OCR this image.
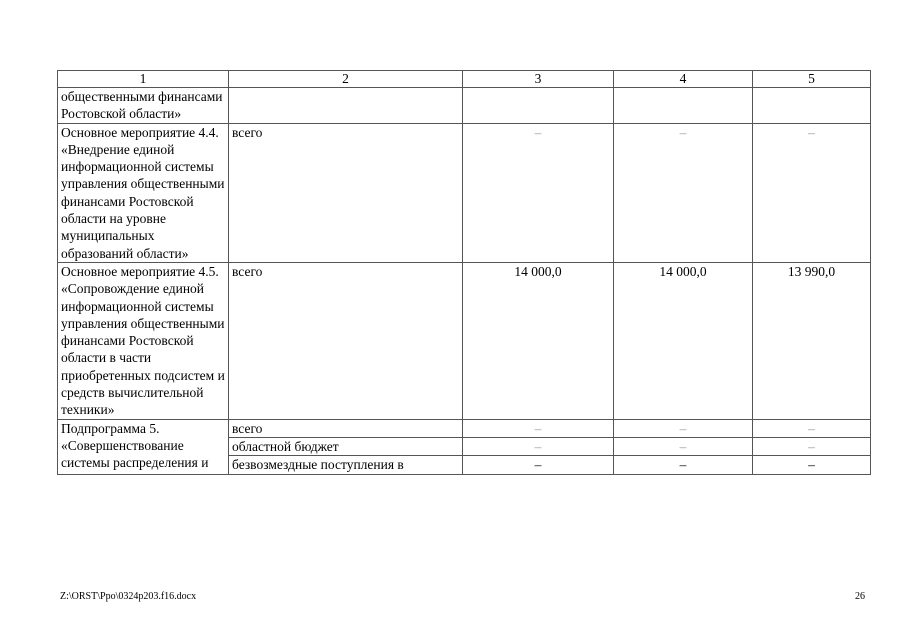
1	2	3	4	5
общественными финансами Ростовской области»				
Основное мероприятие 4.4. «Внедрение единой информационной системы управления общественными финансами Ростовской области на уровне муниципальных образований области»	всего	–	–	–
Основное мероприятие 4.5. «Сопровождение единой информационной системы управления общественными финансами Ростовской области в части приобретенных подсистем и средств вычислительной техники»	всего	14 000,0	14 000,0	13 990,0
Подпрограмма 5. «Совершенствование системы распределения и	всего	–	–	–
	областной бюджет	–	–	–
	безвозмездные поступления в	–	–	–
Z:\ORST\Ppo\0324p203.f16.docx	26
